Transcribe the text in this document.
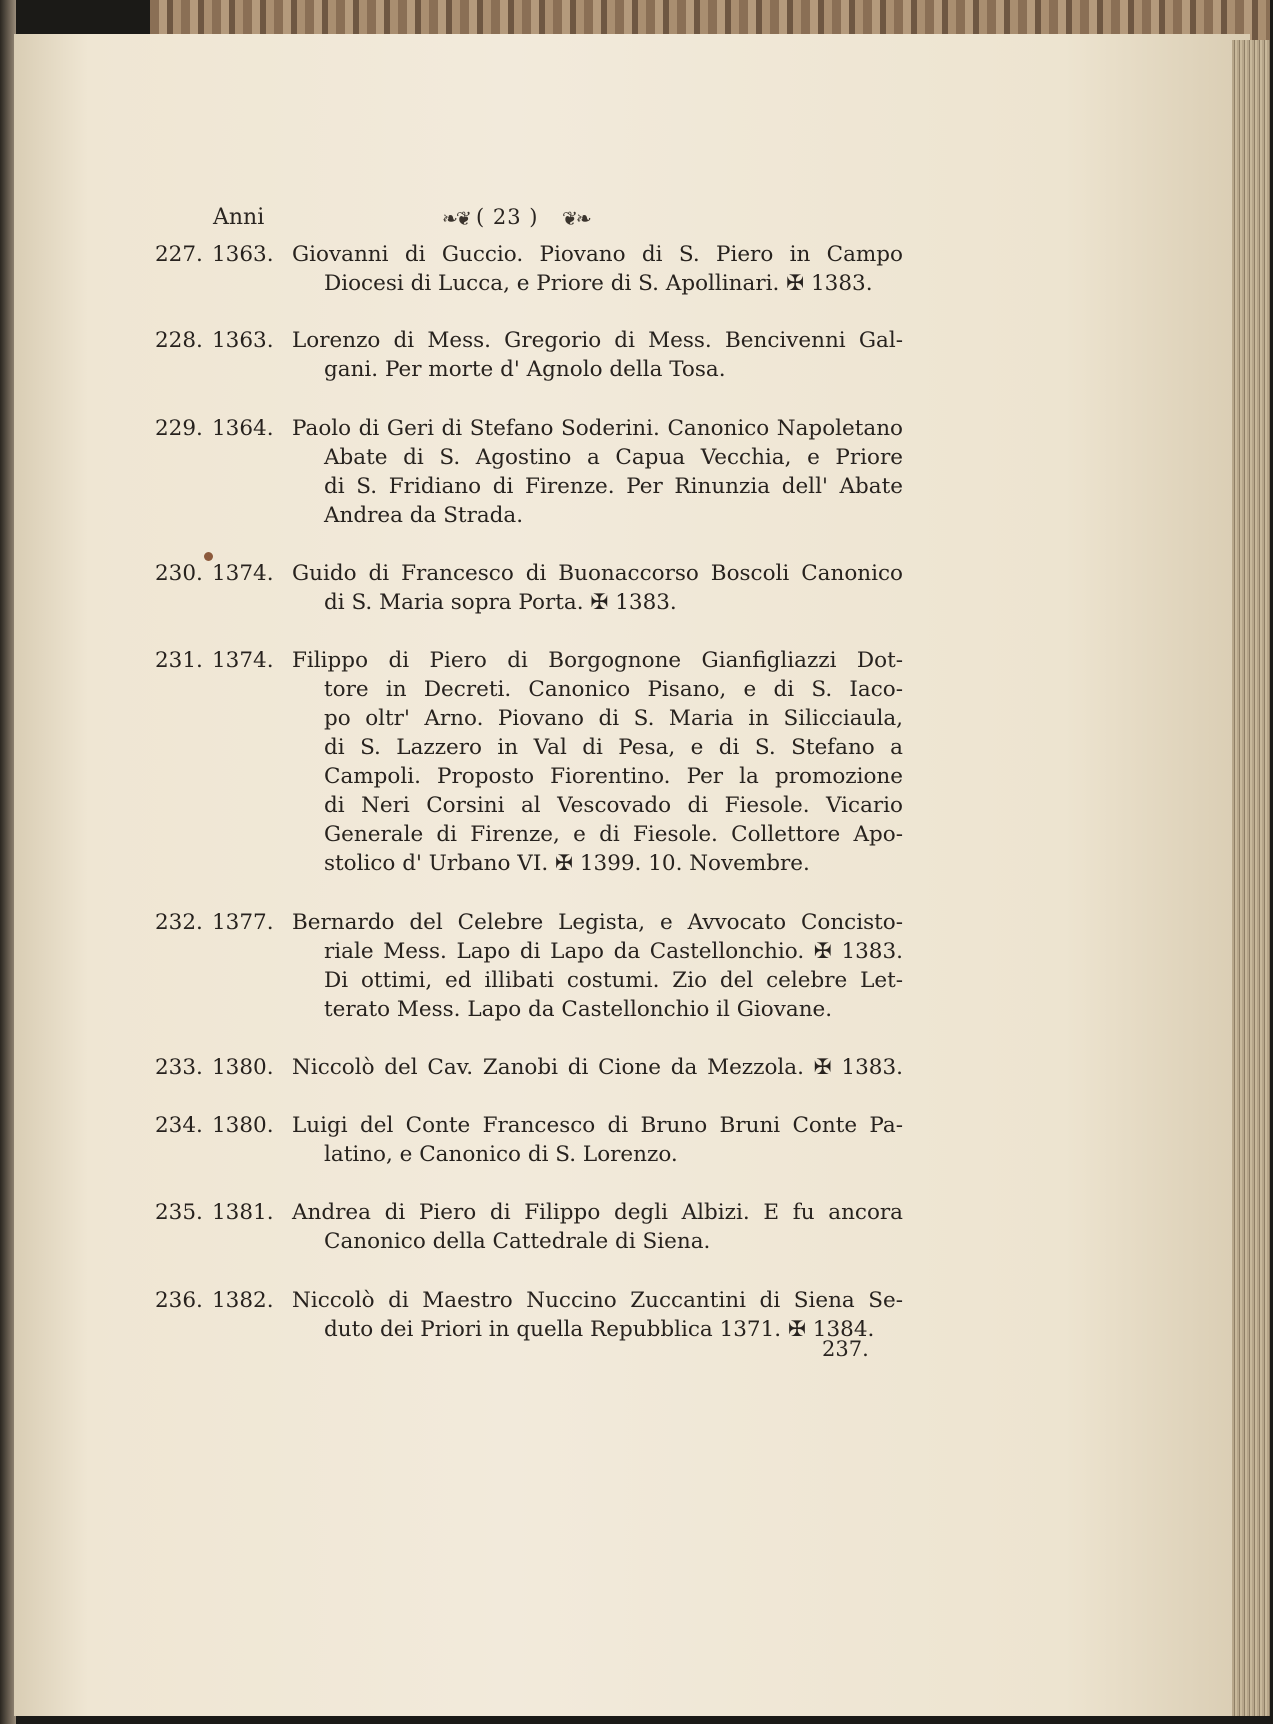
Anni	❧❦ ( 23 ) ❦❧
227. 1363. Giovanni di Guccio. Piovano di S. Piero in Campo
Diocesi di Lucca, e Priore di S. Apollinari. ✠ 1383.
228. 1363. Lorenzo di Mess. Gregorio di Mess. Bencivenni Gal-
gani. Per morte d' Agnolo della Tosa.
229. 1364. Paolo di Geri di Stefano Soderini. Canonico Napoletano
Abate di S. Agostino a Capua Vecchia, e Priore
di S. Fridiano di Firenze. Per Rinunzia dell' Abate
Andrea da Strada.
230. 1374. Guido di Francesco di Buonaccorso Boscoli Canonico
di S. Maria sopra Porta. ✠ 1383.
231. 1374. Filippo di Piero di Borgognone Gianfigliazzi Dot-
tore in Decreti. Canonico Pisano, e di S. Iaco-
po oltr' Arno. Piovano di S. Maria in Silicciaula,
di S. Lazzero in Val di Pesa, e di S. Stefano a
Campoli. Proposto Fiorentino. Per la promozione
di Neri Corsini al Vescovado di Fiesole. Vicario
Generale di Firenze, e di Fiesole. Collettore Apo-
stolico d' Urbano VI. ✠ 1399. 10. Novembre.
232. 1377. Bernardo del Celebre Legista, e Avvocato Concisto-
riale Mess. Lapo di Lapo da Castellonchio. ✠ 1383.
Di ottimi, ed illibati costumi. Zio del celebre Let-
terato Mess. Lapo da Castellonchio il Giovane.
233. 1380. Niccolò del Cav. Zanobi di Cione da Mezzola. ✠ 1383.
234. 1380. Luigi del Conte Francesco di Bruno Bruni Conte Pa-
latino, e Canonico di S. Lorenzo.
235. 1381. Andrea di Piero di Filippo degli Albizi. E fu ancora
Canonico della Cattedrale di Siena.
236. 1382. Niccolò di Maestro Nuccino Zuccantini di Siena Se-
duto dei Priori in quella Repubblica 1371. ✠ 1384.
237.
